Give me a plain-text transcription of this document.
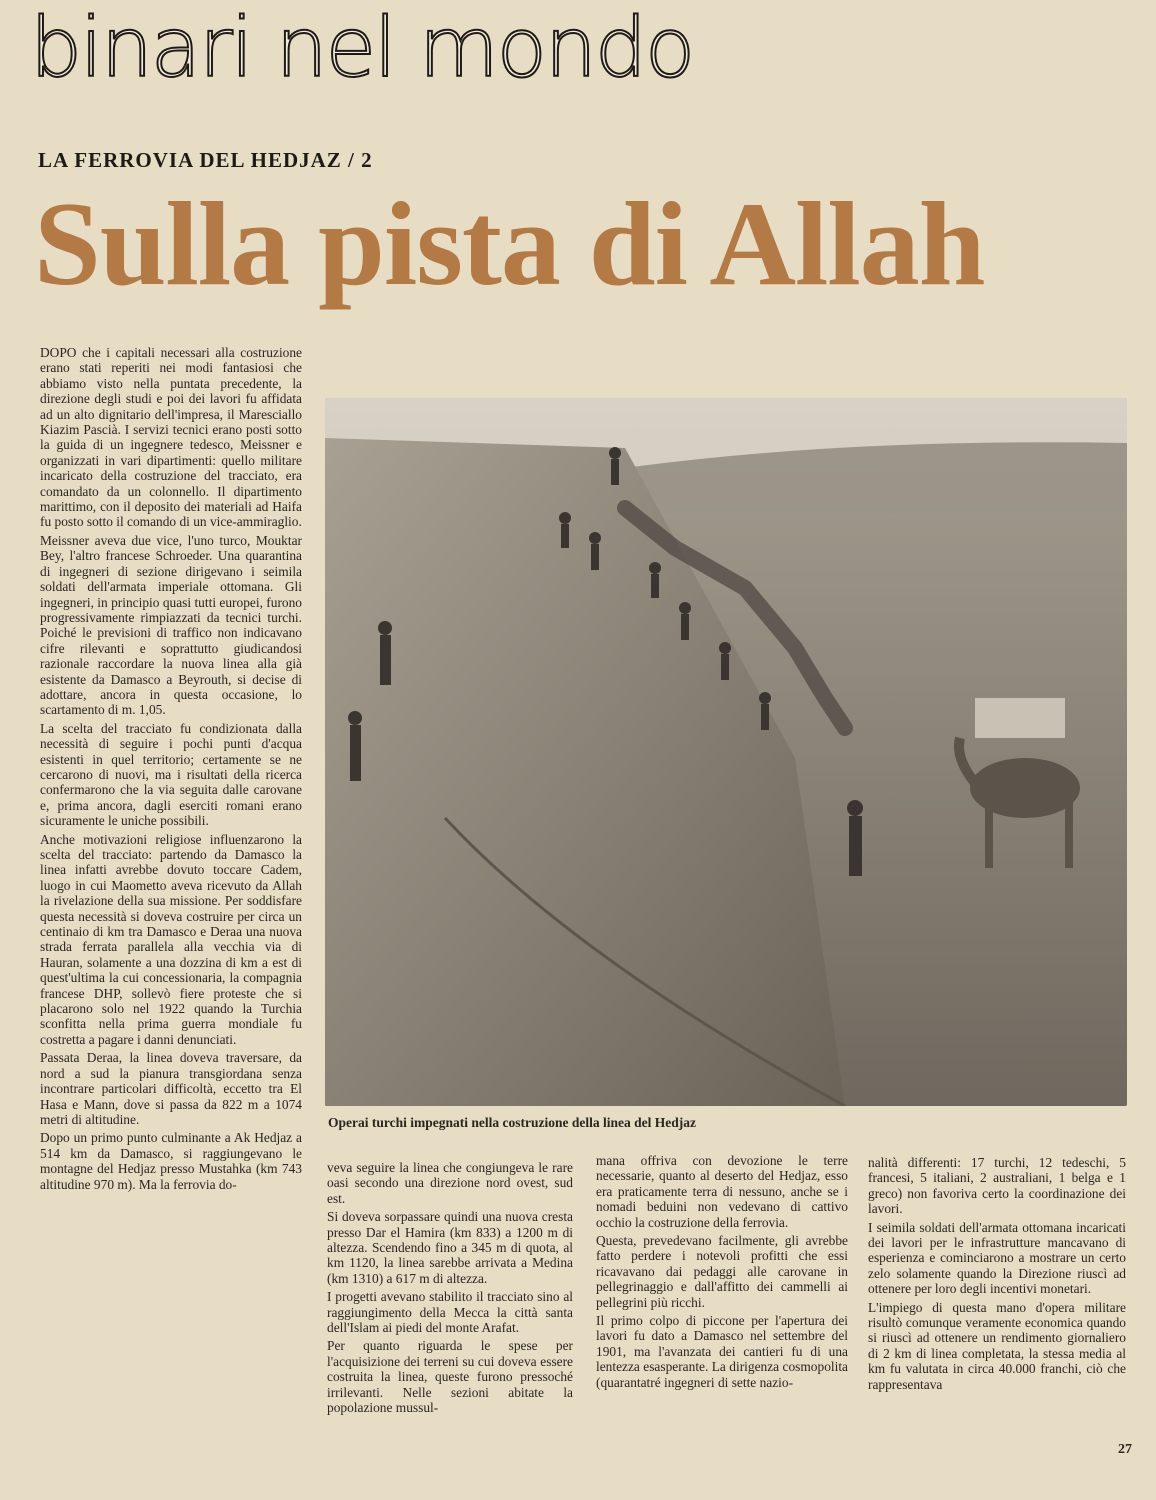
binari nel mondo
LA FERROVIA DEL HEDJAZ / 2
Sulla pista di Allah

DOPO che i capitali necessari alla costruzione erano stati reperiti nei modi fantasiosi che abbiamo visto nella puntata precedente, la direzione degli studi e poi dei lavori fu affidata ad un alto dignitario dell'impresa, il Maresciallo Kiazim Pascià. I servizi tecnici erano posti sotto la guida di un ingegnere tedesco, Meissner e organizzati in vari dipartimenti: quello militare incaricato della costruzione del tracciato, era comandato da un colonnello. Il dipartimento marittimo, con il deposito dei materiali ad Haifa fu posto sotto il comando di un vice-ammiraglio.

Meissner aveva due vice, l'uno turco, Mouktar Bey, l'altro francese Schroeder. Una quarantina di ingegneri di sezione dirigevano i seimila soldati dell'armata imperiale ottomana. Gli ingegneri, in principio quasi tutti europei, furono progressivamente rimpiazzati da tecnici turchi. Poiché le previsioni di traffico non indicavano cifre rilevanti e soprattutto giudicandosi razionale raccordare la nuova linea alla già esistente da Damasco a Beyrouth, si decise di adottare, ancora in questa occasione, lo scartamento di m. 1,05.

La scelta del tracciato fu condizionata dalla necessità di seguire i pochi punti d'acqua esistenti in quel territorio; certamente se ne cercarono di nuovi, ma i risultati della ricerca confermarono che la via seguita dalle carovane e, prima ancora, dagli eserciti romani erano sicuramente le uniche possibili.

Anche motivazioni religiose influenzarono la scelta del tracciato: partendo da Damasco la linea infatti avrebbe dovuto toccare Cadem, luogo in cui Maometto aveva ricevuto da Allah la rivelazione della sua missione. Per soddisfare questa necessità si doveva costruire per circa un centinaio di km tra Damasco e Deraa una nuova strada ferrata parallela alla vecchia via di Hauran, solamente a una dozzina di km a est di quest'ultima la cui concessionaria, la compagnia francese DHP, sollevò fiere proteste che si placarono solo nel 1922 quando la Turchia sconfitta nella prima guerra mondiale fu costretta a pagare i danni denunciati.

Passata Deraa, la linea doveva traversare, da nord a sud la pianura transgiordana senza incontrare particolari difficoltà, eccetto tra El Hasa e Mann, dove si passa da 822 m a 1074 metri di altitudine.

Dopo un primo punto culminante a Ak Hedjaz a 514 km da Damasco, si raggiungevano le montagne del Hedjaz presso Mustahka (km 743 altitudine 970 m). Ma la ferrovia do-

Operai turchi impegnati nella costruzione della linea del Hedjaz

veva seguire la linea che congiungeva le rare oasi secondo una direzione nord ovest, sud est.

Si doveva sorpassare quindi una nuova cresta presso Dar el Hamira (km 833) a 1200 m di altezza. Scendendo fino a 345 m di quota, al km 1120, la linea sarebbe arrivata a Medina (km 1310) a 617 m di altezza.

I progetti avevano stabilito il tracciato sino al raggiungimento della Mecca la città santa dell'Islam ai piedi del monte Arafat.

Per quanto riguarda le spese per l'acquisizione dei terreni su cui doveva essere costruita la linea, queste furono pressoché irrilevanti. Nelle sezioni abitate la popolazione mussul-

mana offriva con devozione le terre necessarie, quanto al deserto del Hedjaz, esso era praticamente terra di nessuno, anche se i nomadi beduini non vedevano di cattivo occhio la costruzione della ferrovia.

Questa, prevedevano facilmente, gli avrebbe fatto perdere i notevoli profitti che essi ricavavano dai pedaggi alle carovane in pellegrinaggio e dall'affitto dei cammelli ai pellegrini più ricchi.

Il primo colpo di piccone per l'apertura dei lavori fu dato a Damasco nel settembre del 1901, ma l'avanzata dei cantieri fu di una lentezza esasperante. La dirigenza cosmopolita (quarantatré ingegneri di sette nazio-

nalità differenti: 17 turchi, 12 tedeschi, 5 francesi, 5 italiani, 2 australiani, 1 belga e 1 greco) non favoriva certo la coordinazione dei lavori.

I seimila soldati dell'armata ottomana incaricati dei lavori per le infrastrutture mancavano di esperienza e cominciarono a mostrare un certo zelo solamente quando la Direzione riuscì ad ottenere per loro degli incentivi monetari.

L'impiego di questa mano d'opera militare risultò comunque veramente economica quando si riuscì ad ottenere un rendimento giornaliero di 2 km di linea completata, la stessa media al km fu valutata in circa 40.000 franchi, ciò che rappresentava

27
